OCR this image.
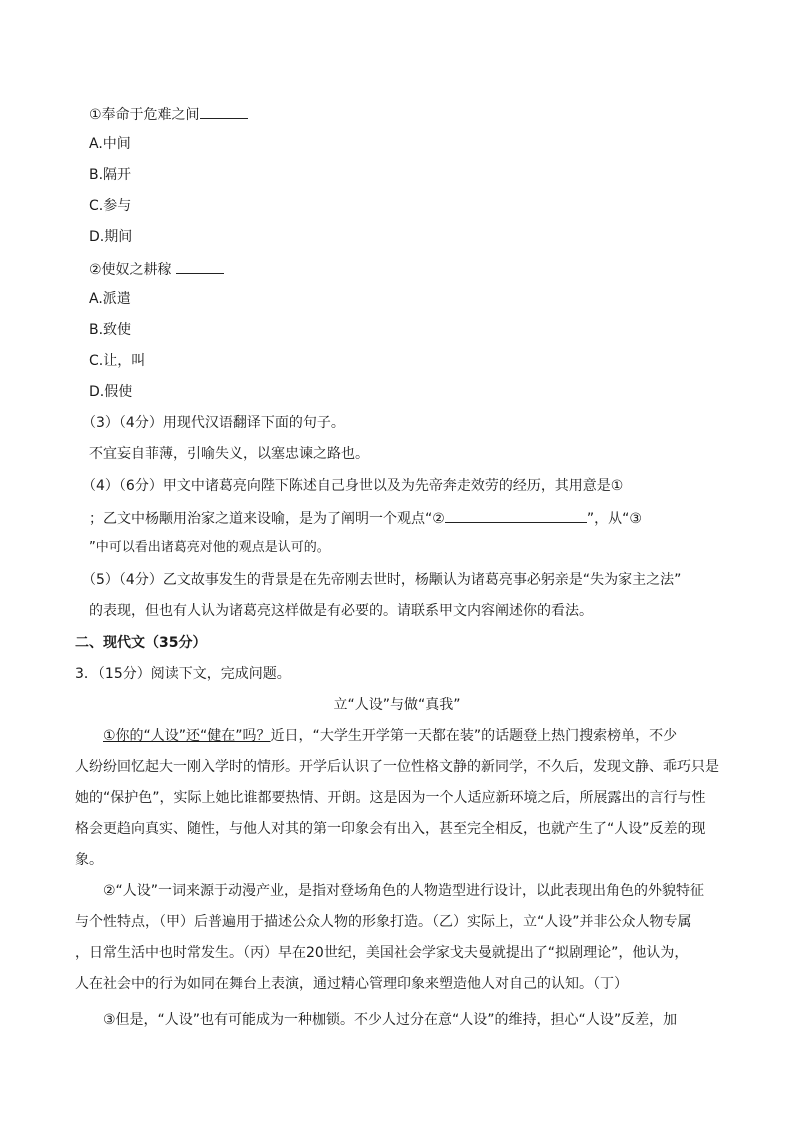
①奉命于危难之间
A.中间
B.隔开
C.参与
D.期间
②使奴之耕稼
A.派遣
B.致使
C.让，叫
D.假使
（3）（4分）用现代汉语翻译下面的句子。
不宜妄自菲薄，引喻失义，以塞忠谏之路也。
（4）（6分）甲文中诸葛亮向陛下陈述自己身世以及为先帝奔走效劳的经历，其用意是①
；乙文中杨颙用治家之道来设喻，是为了阐明一个观点“②	”，从“③
”中可以看出诸葛亮对他的观点是认可的。
（5）（4分）乙文故事发生的背景是在先帝刚去世时，杨颙认为诸葛亮事必躬亲是“失为家主之法”
的表现，但也有人认为诸葛亮这样做是有必要的。请联系甲文内容阐述你的看法。
二、现代文（35分）
3．（15分）阅读下文，完成问题。
立“人设”与做“真我”
①你的“人设”还“健在”吗？近日，“大学生开学第一天都在装”的话题登上热门搜索榜单，不少
人纷纷回忆起大一刚入学时的情形。开学后认识了一位性格文静的新同学，不久后，发现文静、乖巧只是
她的“保护色”，实际上她比谁都要热情、开朗。这是因为一个人适应新环境之后，所展露出的言行与性
格会更趋向真实、随性，与他人对其的第一印象会有出入，甚至完全相反，也就产生了“人设”反差的现
象。
②“人设”一词来源于动漫产业，是指对登场角色的人物造型进行设计，以此表现出角色的外貌特征
与个性特点，（甲）后普遍用于描述公众人物的形象打造。（乙）实际上，立“人设”并非公众人物专属
，日常生活中也时常发生。（丙）早在20世纪，美国社会学家戈夫曼就提出了“拟剧理论”，他认为，
人在社会中的行为如同在舞台上表演，通过精心管理印象来塑造他人对自己的认知。（丁）
③但是，“人设”也有可能成为一种枷锁。不少人过分在意“人设”的维持，担心“人设”反差，加
